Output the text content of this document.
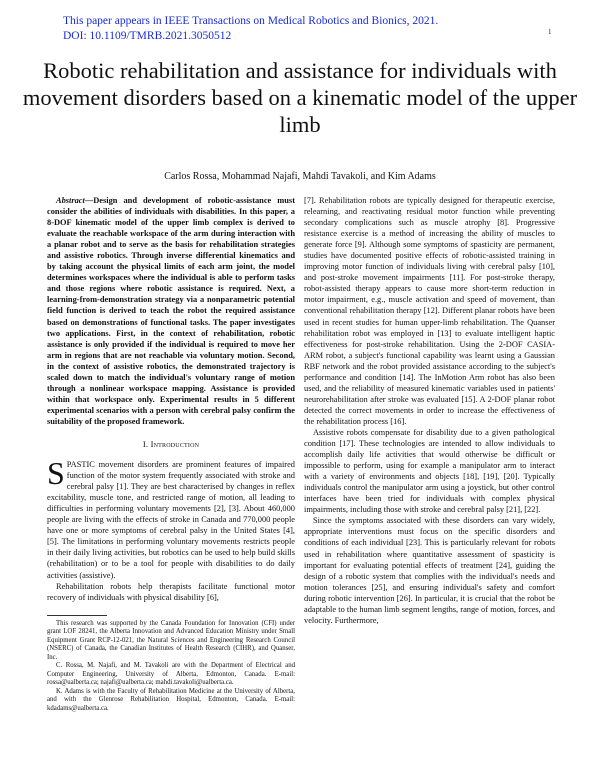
This paper appears in IEEE Transactions on Medical Robotics and Bionics, 2021.
DOI: 10.1109/TMRB.2021.3050512	1
Robotic rehabilitation and assistance for individuals with movement disorders based on a kinematic model of the upper limb
Carlos Rossa, Mohammad Najafi, Mahdi Tavakoli, and Kim Adams

Abstract—Design and development of robotic-assistance must consider the abilities of individuals with disabilities. In this paper, a 8-DOF kinematic model of the upper limb complex is derived to evaluate the reachable workspace of the arm during interaction with a planar robot and to serve as the basis for rehabilitation strategies and assistive robotics. Through inverse differential kinematics and by taking account the physical limits of each arm joint, the model determines workspaces where the individual is able to perform tasks and those regions where robotic assistance is required. Next, a learning-from-demonstration strategy via a nonparametric potential field function is derived to teach the robot the required assistance based on demonstrations of functional tasks. The paper investigates two applications. First, in the context of rehabilitation, robotic assistance is only provided if the individual is required to move her arm in regions that are not reachable via voluntary motion. Second, in the context of assistive robotics, the demonstrated trajectory is scaled down to match the individual's voluntary range of motion through a nonlinear workspace mapping. Assistance is provided within that workspace only. Experimental results in 5 different experimental scenarios with a person with cerebral palsy confirm the suitability of the proposed framework.

I. Introduction

SPASTIC movement disorders are prominent features of impaired function of the motor system frequently associated with stroke and cerebral palsy [1]. They are best characterised by changes in reflex excitability, muscle tone, and restricted range of motion, all leading to difficulties in performing voluntary movements [2], [3]. About 460,000 people are living with the effects of stroke in Canada and 770,000 people have one or more symptoms of cerebral palsy in the United States [4], [5]. The limitations in performing voluntary movements restricts people in their daily living activities, but robotics can be used to help build skills (rehabilitation) or to be a tool for people with disabilities to do daily activities (assistive).

Rehabilitation robots help therapists facilitate functional motor recovery of individuals with physical disability [6],

This research was supported by the Canada Foundation for Innovation (CFI) under grant LOF 28241, the Alberta Innovation and Advanced Education Ministry under Small Equipment Grant RCP-12-021, the Natural Sciences and Engineering Research Council (NSERC) of Canada, the Canadian Institutes of Health Research (CIHR), and Quanser, Inc.

C. Rossa, M. Najafi, and M. Tavakoli are with the Department of Electrical and Computer Engineering, University of Alberta, Edmonton, Canada. E-mail: rossa@ualberta.ca; najafi@ualberta.ca; mahdi.tavakoli@ualberta.ca.

K. Adams is with the Faculty of Rehabilitation Medicine at the University of Alberta, and with the Glenrose Rehabilitation Hospital, Edmonton, Canada. E-mail: kdadams@ualberta.ca.

[7]. Rehabilitation robots are typically designed for therapeutic exercise, relearning, and reactivating residual motor function while preventing secondary complications such as muscle atrophy [8]. Progressive resistance exercise is a method of increasing the ability of muscles to generate force [9]. Although some symptoms of spasticity are permanent, studies have documented positive effects of robotic-assisted training in improving motor function of individuals living with cerebral palsy [10], and post-stroke movement impairments [11]. For post-stroke therapy, robot-assisted therapy appears to cause more short-term reduction in motor impairment, e.g., muscle activation and speed of movement, than conventional rehabilitation therapy [12]. Different planar robots have been used in recent studies for human upper-limb rehabilitation. The Quanser rehabilitation robot was employed in [13] to evaluate intelligent haptic effectiveness for post-stroke rehabilitation. Using the 2-DOF CASIA-ARM robot, a subject's functional capability was learnt using a Gaussian RBF network and the robot provided assistance according to the subject's performance and condition [14]. The InMotion Arm robot has also been used, and the reliability of measured kinematic variables used in patients' neurorehabilitation after stroke was evaluated [15]. A 2-DOF planar robot detected the correct movements in order to increase the effectiveness of the rehabilitation process [16].

Assistive robots compensate for disability due to a given pathological condition [17]. These technologies are intended to allow individuals to accomplish daily life activities that would otherwise be difficult or impossible to perform, using for example a manipulator arm to interact with a variety of environments and objects [18], [19], [20]. Typically individuals control the manipulator arm using a joystick, but other control interfaces have been tried for individuals with complex physical impairments, including those with stroke and cerebral palsy [21], [22].

Since the symptoms associated with these disorders can vary widely, appropriate interventions must focus on the specific disorders and conditions of each individual [23]. This is particularly relevant for robots used in rehabilitation where quantitative assessment of spasticity is important for evaluating potential effects of treatment [24], guiding the design of a robotic system that complies with the individual's needs and motion tolerances [25], and ensuring individual's safety and comfort during robotic intervention [26]. In particular, it is crucial that the robot be adaptable to the human limb segment lengths, range of motion, forces, and velocity. Furthermore,
